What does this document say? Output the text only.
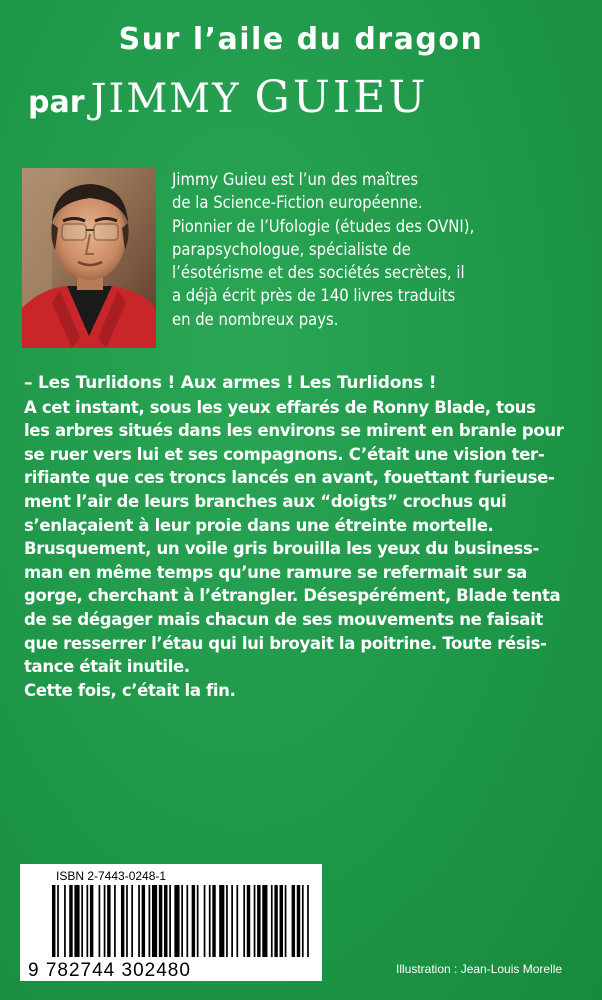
Sur l’aile du dragon
par JIMMY GUIEU
Jimmy Guieu est l’un des maîtres
de la Science-Fiction européenne.
Pionnier de l’Ufologie (études des OVNI),
parapsychologue, spécialiste de
l’ésotérisme et des sociétés secrètes, il
a déjà écrit près de 140 livres traduits
en de nombreux pays.
– Les Turlidons ! Aux armes ! Les Turlidons !
A cet instant, sous les yeux effarés de Ronny Blade, tous
les arbres situés dans les environs se mirent en branle pour
se ruer vers lui et ses compagnons. C’était une vision ter-
rifiante que ces troncs lancés en avant, fouettant furieuse-
ment l’air de leurs branches aux “doigts” crochus qui
s’enlaçaient à leur proie dans une étreinte mortelle.
Brusquement, un voile gris brouilla les yeux du business-
man en même temps qu’une ramure se refermait sur sa
gorge, cherchant à l’étrangler. Désespérément, Blade tenta
de se dégager mais chacun de ses mouvements ne faisait
que resserrer l’étau qui lui broyait la poitrine. Toute résis-
tance était inutile.
Cette fois, c’était la fin.
ISBN 2-7443-0248-1
9 782744 302480	Illustration : Jean-Louis Morelle
